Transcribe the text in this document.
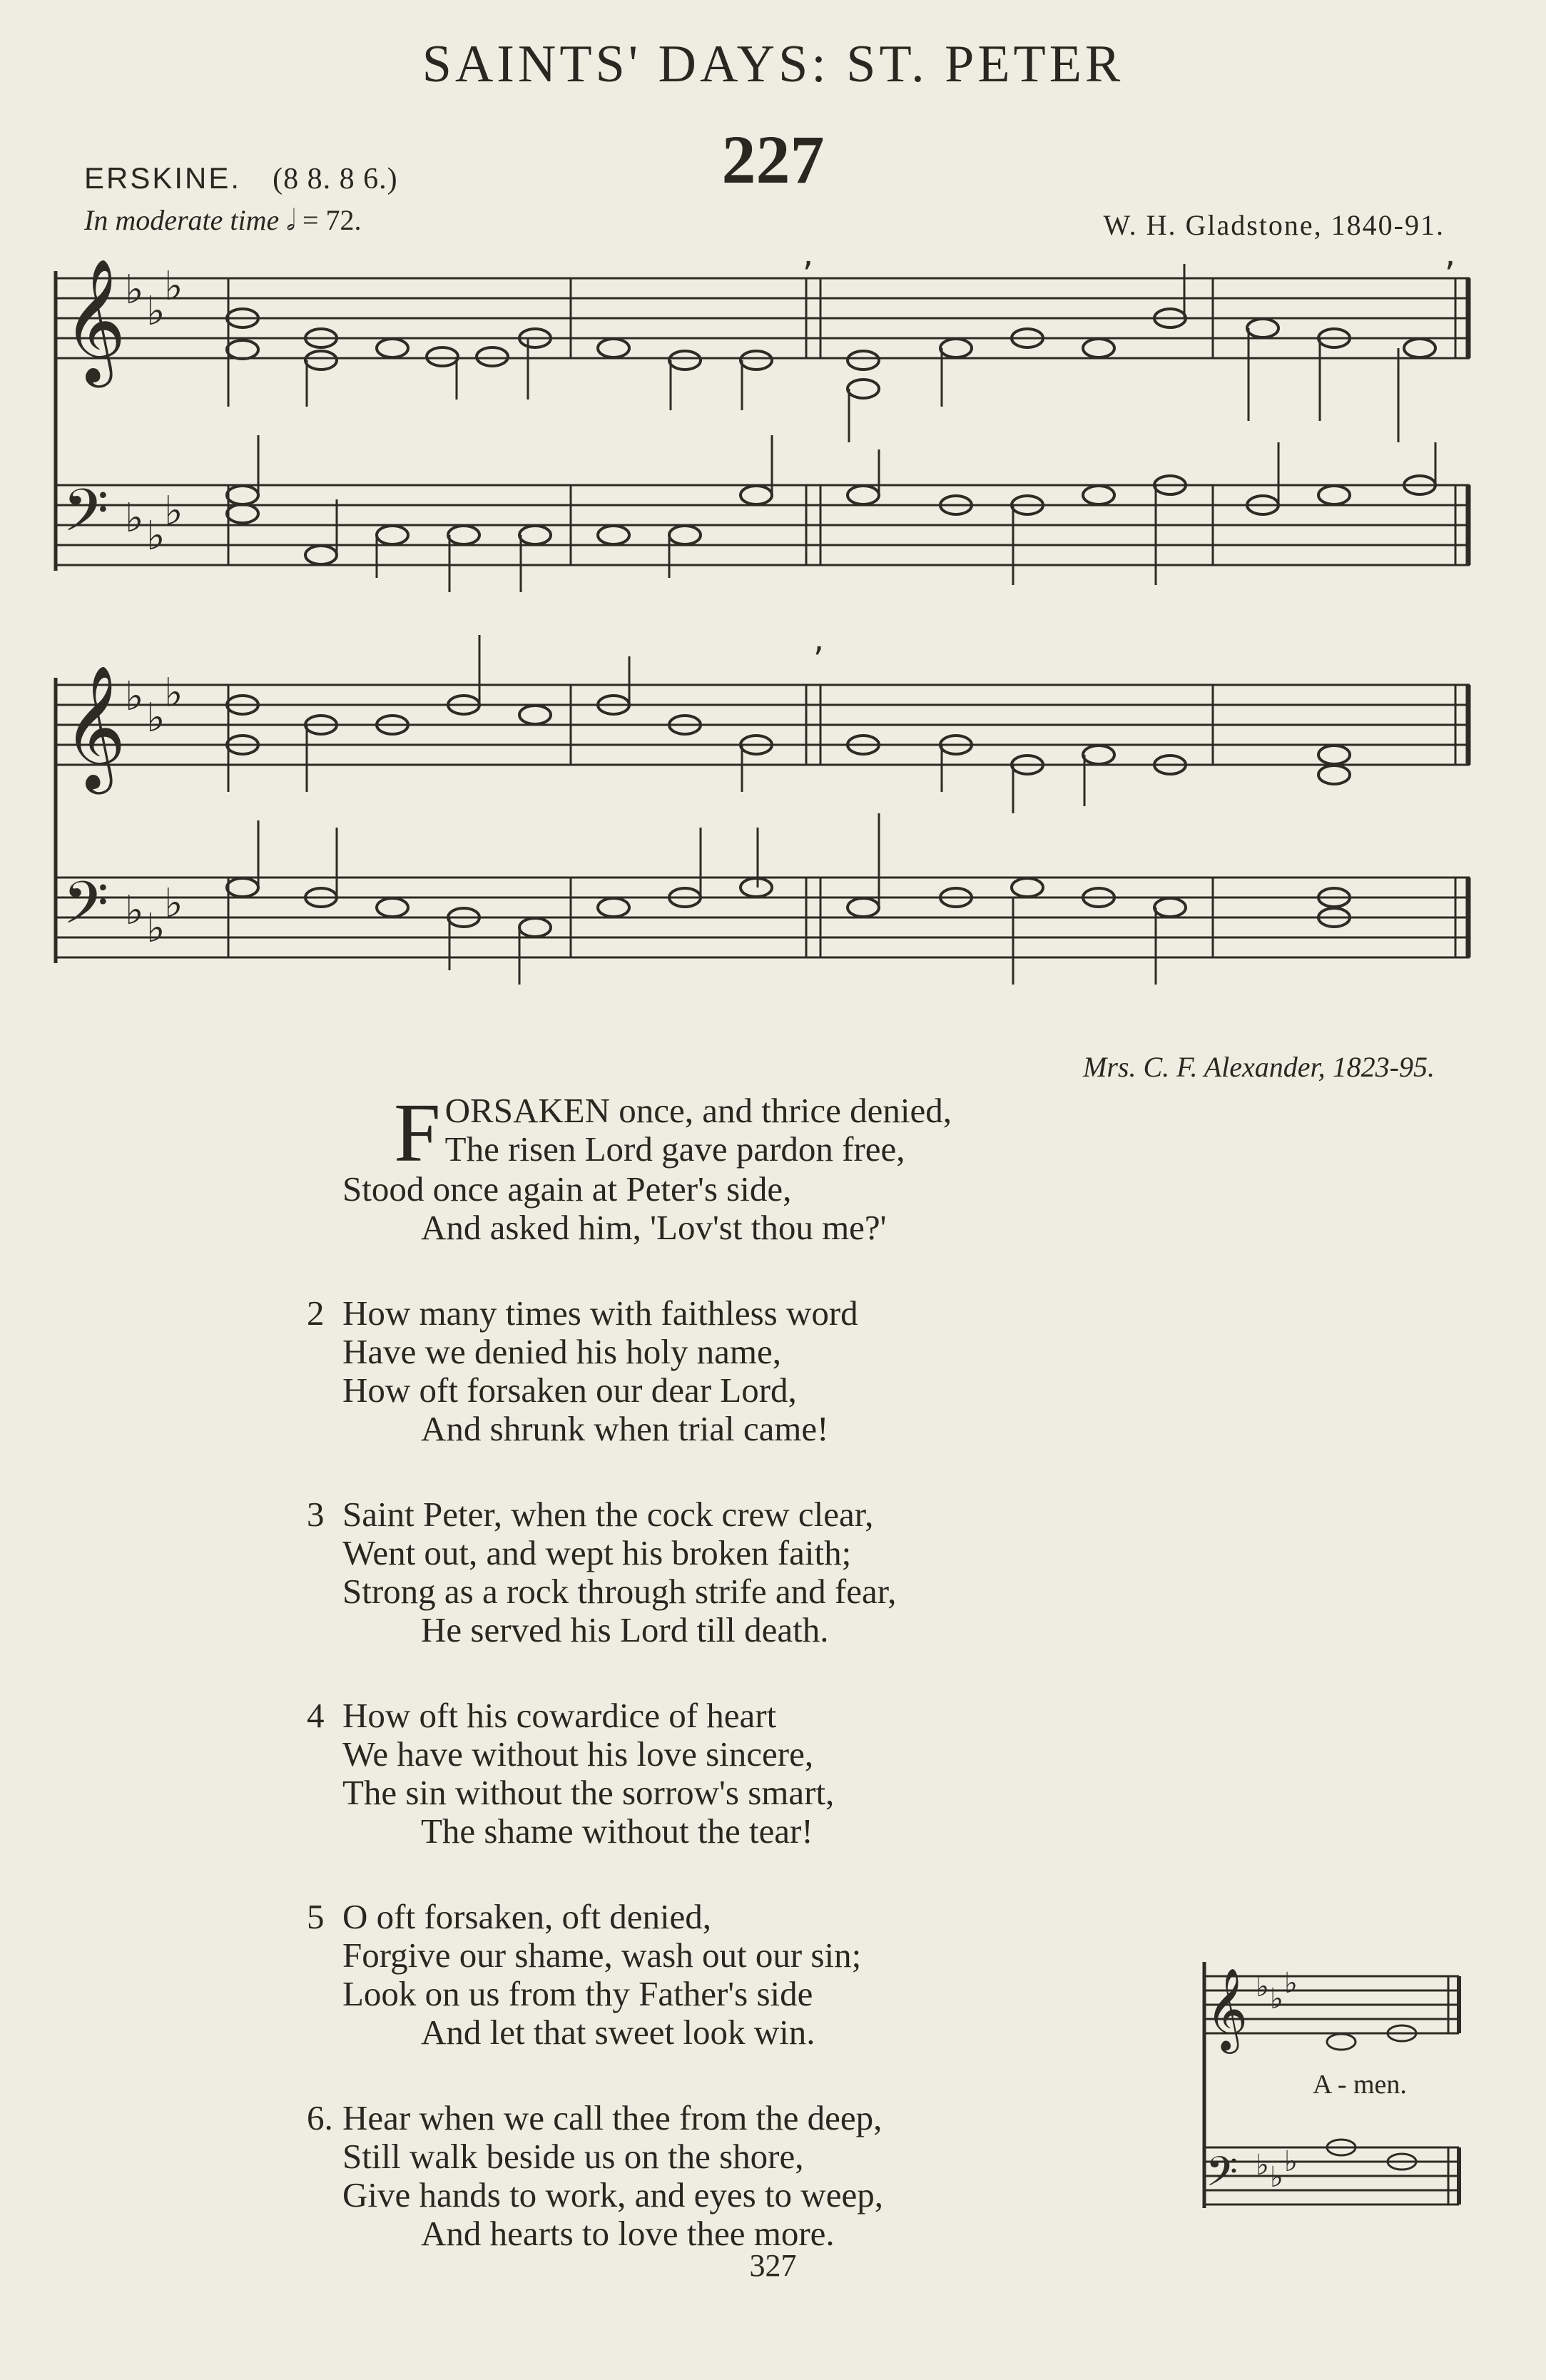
𝄞
𝄢
𝄞
𝄢
♭ ♭
♭
♭ ♭
♭
♭ ♭
♭
♭ ♭
♭
,	,
,
𝄞
𝄢
♭ ♭ ♭
♭ ♭ ♭
SAINTS' DAYS: ST. PETER
227
ERSKINE. (8 8. 8 6.)
In moderate time 𝅗𝅥 = 72.	W. H. Gladstone, 1840-91.
Mrs. C. F. Alexander, 1823-95.
F ORSAKEN once, and thrice denied,
The risen Lord gave pardon free,
Stood once again at Peter's side,
And asked him, 'Lov'st thou me?'
2 How many times with faithless word
Have we denied his holy name,
How oft forsaken our dear Lord,
And shrunk when trial came!
3 Saint Peter, when the cock crew clear,
Went out, and wept his broken faith;
Strong as a rock through strife and fear,
He served his Lord till death.
4 How oft his cowardice of heart
We have without his love sincere,
The sin without the sorrow's smart,
The shame without the tear!
5 O oft forsaken, oft denied,
Forgive our shame, wash out our sin;
Look on us from thy Father's side
And let that sweet look win.
6. Hear when we call thee from the deep,
Still walk beside us on the shore,
Give hands to work, and eyes to weep,
And hearts to love thee more.
A - men.
327
